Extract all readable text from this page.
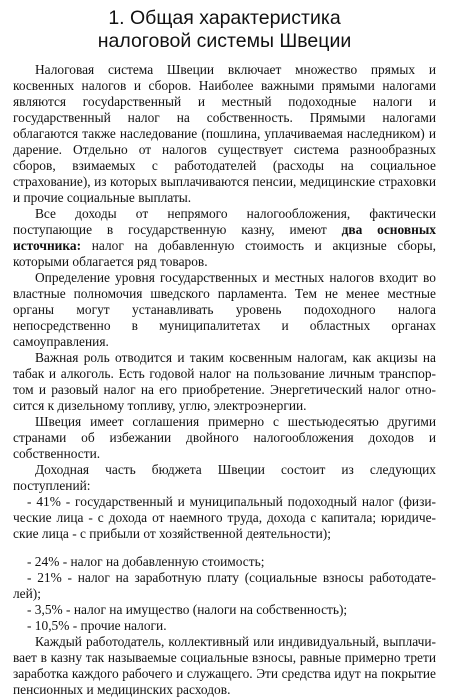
1. Общая характеристика
налоговой системы Швеции

Налоговая система Швеции включает множество прямых и косвенных налогов и сборов. Наиболее важными прямыми налогами являются госуdарственный и местный подоходные налоги и государственный налог на собственность. Прямыми налогами облагаются также наследование (пошлина, уплачиваемая наследником) и дарение. Отдельно от налогов существует система разнообразных сборов, взимаемых с работодателей (расходы на социальное страхование), из которых выплачиваются пенсии, медицинские страховки и прочие социальные выплаты.

Все доходы от непрямого налогообложения, фактически поступающие в государственную казну, имеют два основных источника: налог на добавленную стоимость и акцизные сборы, которыми облагается ряд товаров.

Определение уровня государственных и местных налогов входит во властные полномочия шведского парламента. Тем не менее местные органы могут устанавливать уровень подоходного налога непосредственно в муниципалитетах и областных органах самоуправления.

Важная роль отводится и таким косвенным налогам, как акцизы на табак и алкоголь. Есть годовой налог на пользование личным транспортом и разовый налог на его приобретение. Энергетический налог относится к дизельному топливу, углю, электроэнергии.

Швеция имеет соглашения примерно с шестьюдесятью другими странами об избежании двойного налогообложения доходов и собственности.

Доходная часть бюджета Швеции состоит из следующих поступлений:

- 41% - государственный и муниципальный подоходный налог (физические лица - с дохода от наемного труда, дохода с капитала; юридические лица - с прибыли от хозяйственной деятельности);

- 24% - налог на добавленную стоимость;

- 21% - налог на заработную плату (социальные взносы работодателей);

- 3,5% - налог на имущество (налоги на собственность);

- 10,5% - прочие налоги.

Каждый работодатель, коллективный или индивидуальный, выплачивает в казну так называемые социальные взносы, равные примерно трети заработка каждого рабочего и служащего. Эти средства идут на покрытие пенсионных и медицинских расходов.
